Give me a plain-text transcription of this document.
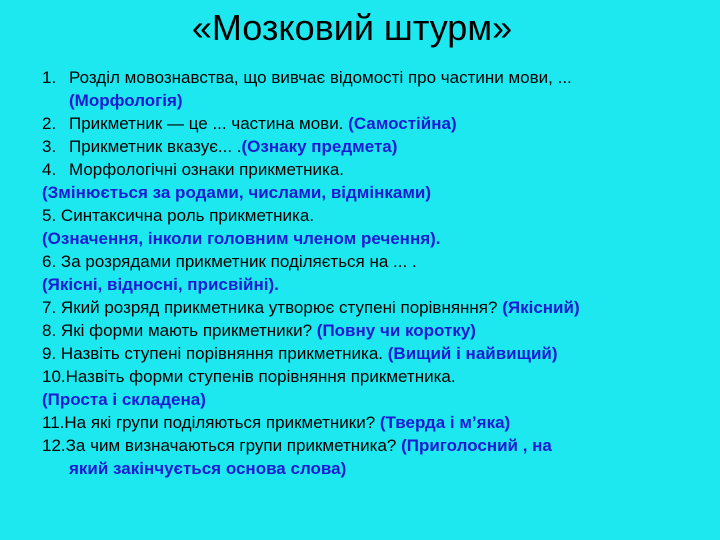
«Мозковий штурм»
1. Розділ мовознавства, що вивчає відомості про частини мови, ...
(Морфологія)
2. Прикметник — це ... частина мови. (Самостійна)
3. Прикметник вказує... .(Ознаку предмета)
4. Морфологічні ознаки прикметника.
(Змінюється за родами, числами, відмінками)
5. Синтаксична роль прикметника.
(Означення, інколи головним членом речення).
6. За розрядами прикметник поділяється на ... .
(Якісні, відносні, присвійні).
7. Який розряд прикметника утворює ступені порівняння? (Якісний)
8. Які форми мають прикметники? (Повну чи коротку)
9. Назвіть ступені порівняння прикметника. (Вищий і найвищий)
10.Назвіть форми ступенів порівняння прикметника.
(Проста і складена)
11.На які групи поділяються прикметники? (Тверда і м’яка)
12.За чим визначаються групи прикметника? (Приголосний , на
який закінчується основа слова)
